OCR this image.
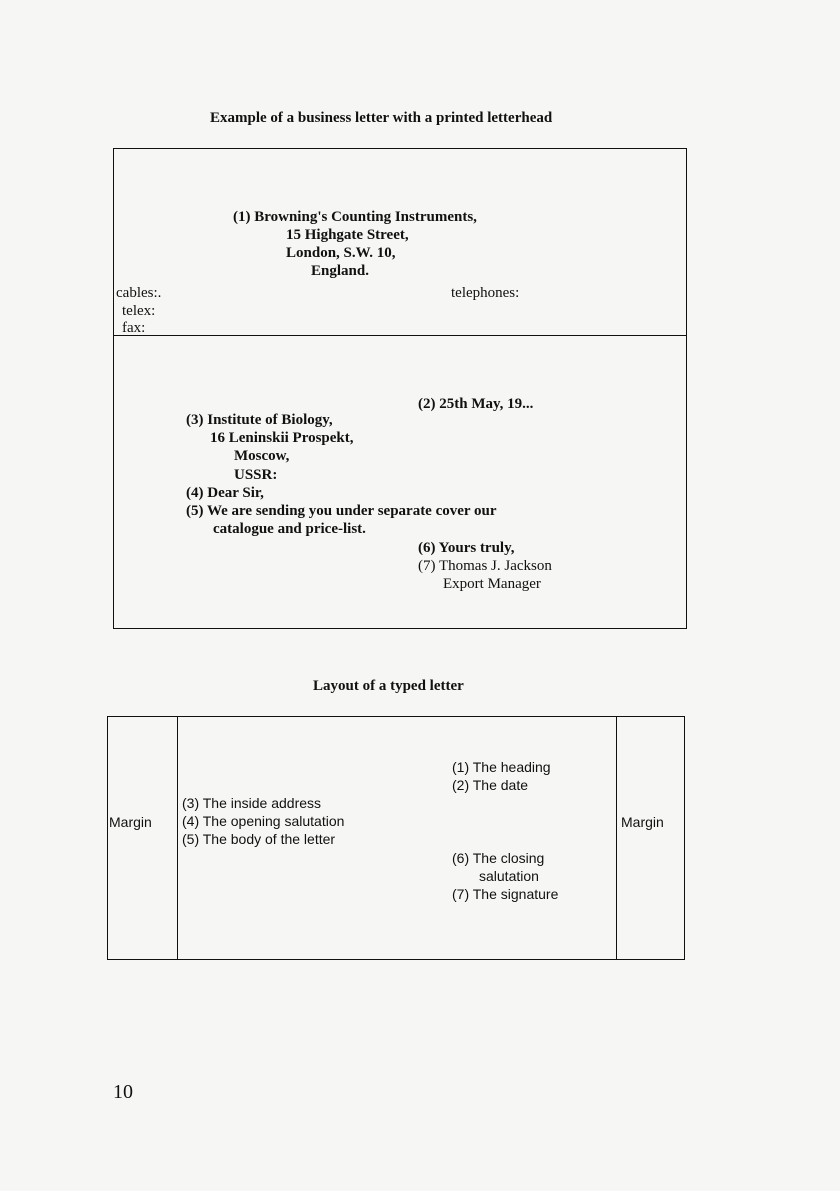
Example of a business letter with a printed letterhead
(1) Browning's Counting Instruments,
15 Highgate Street,
London, S.W. 10,
England.
cables:.
telex:
fax:
telephones:
(2) 25th May, 19...
(3) Institute of Biology,
16 Leninskii Prospekt,
Moscow,
USSR:
(4) Dear Sir,
(5) We are sending you under separate cover our
catalogue and price-list.
(6) Yours truly,
(7) Thomas J. Jackson
Export Manager
Layout of a typed letter
Margin	Margin
(1) The heading
(2) The date
(3) The inside address
(4) The opening salutation
(5) The body of the letter
(6) The closing
salutation
(7) The signature
10
